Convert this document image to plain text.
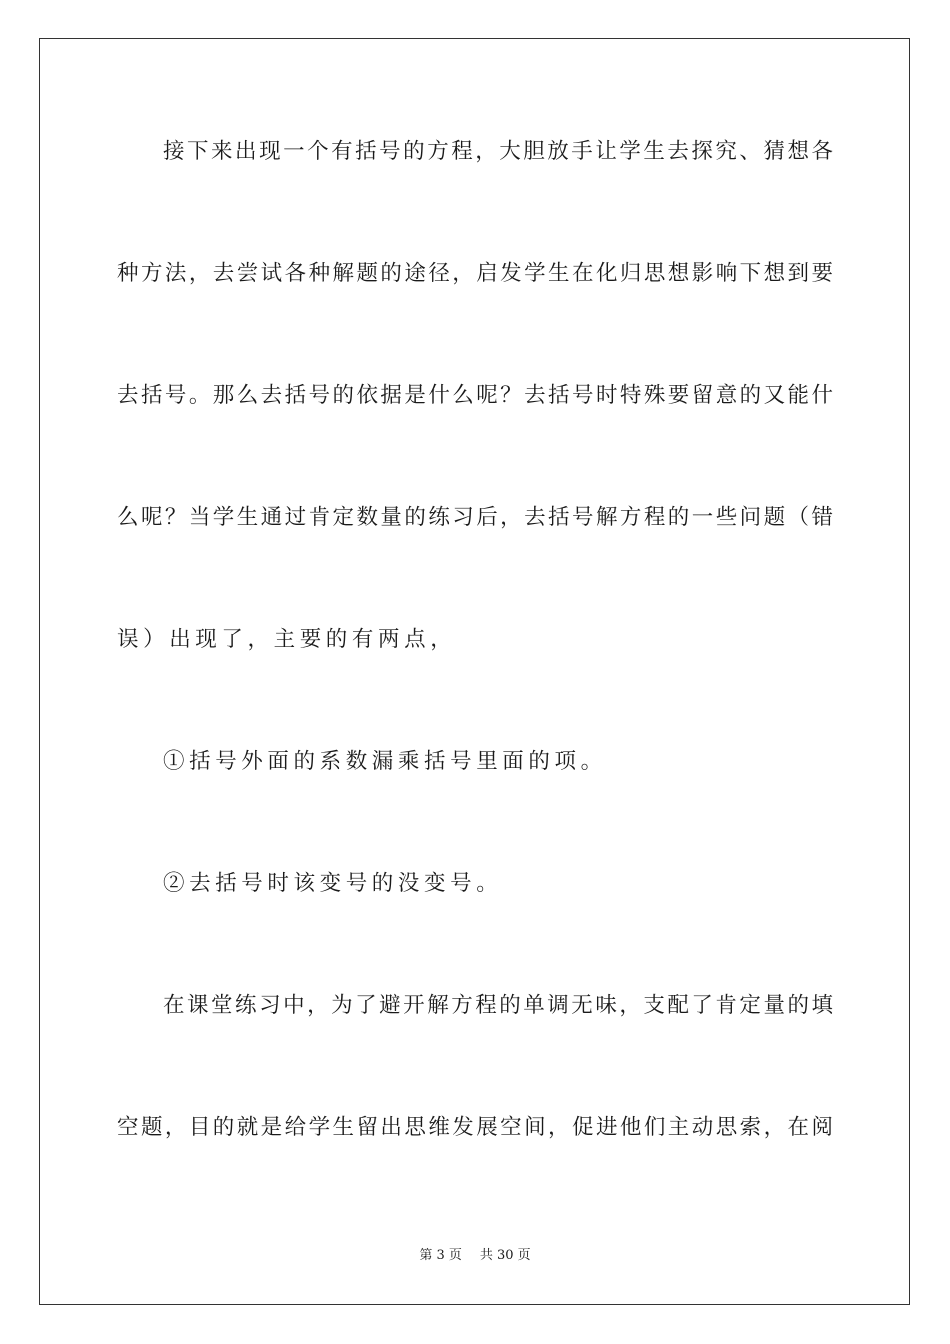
接下来出现一个有括号的方程，大胆放手让学生去探究、猜想各
种方法，去尝试各种解题的途径，启发学生在化归思想影响下想到要
去括号。那么去括号的依据是什么呢？去括号时特殊要留意的又能什
么呢？当学生通过肯定数量的练习后，去括号解方程的一些问题（错
误）出现了，主要的有两点，
①括号外面的系数漏乘括号里面的项。
②去括号时该变号的没变号。
在课堂练习中，为了避开解方程的单调无味，支配了肯定量的填
空题，目的就是给学生留出思维发展空间，促进他们主动思索，在阅
第 3 页 共 30 页
